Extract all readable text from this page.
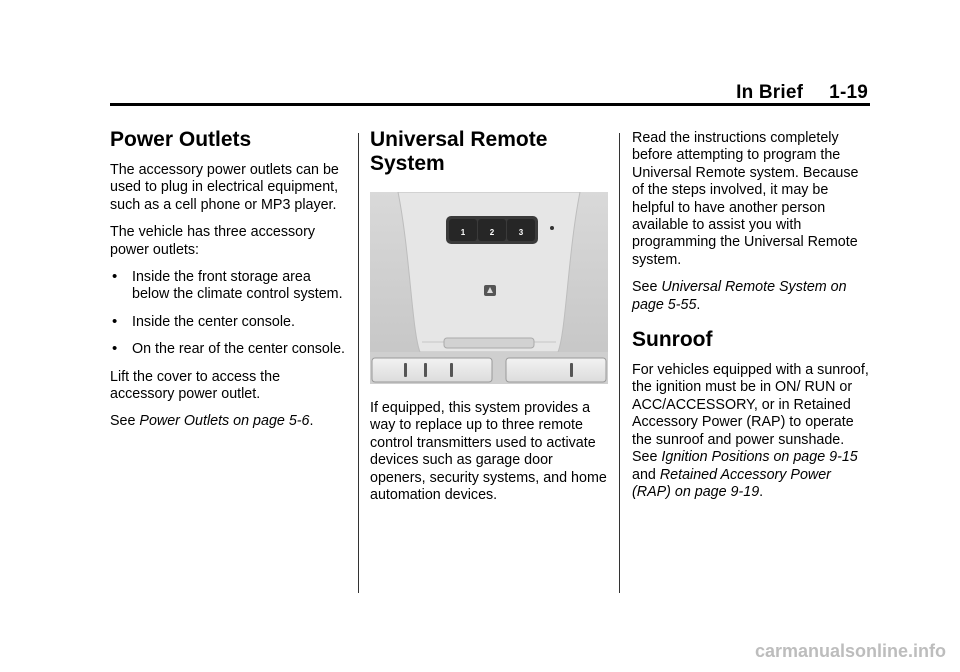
In Brief 1-19
Power Outlets

The accessory power outlets can be used to plug in electrical equipment, such as a cell phone or MP3 player.

The vehicle has three accessory power outlets:

• Inside the front storage area below the climate control system.
• Inside the center console.
• On the rear of the center console.

Lift the cover to access the accessory power outlet.

See Power Outlets on page 5-6.

Universal Remote System
1	2	3

If equipped, this system provides a way to replace up to three remote control transmitters used to activate devices such as garage door openers, security systems, and home automation devices.

Read the instructions completely before attempting to program the Universal Remote system. Because of the steps involved, it may be helpful to have another person available to assist you with programming the Universal Remote system.

See Universal Remote System on page 5-55.

Sunroof

For vehicles equipped with a sunroof, the ignition must be in ON/ RUN or ACC/ACCESSORY, or in Retained Accessory Power (RAP) to operate the sunroof and power sunshade. See Ignition Positions on page 9-15 and Retained Accessory Power (RAP) on page 9-19.

carmanualsonline.info
